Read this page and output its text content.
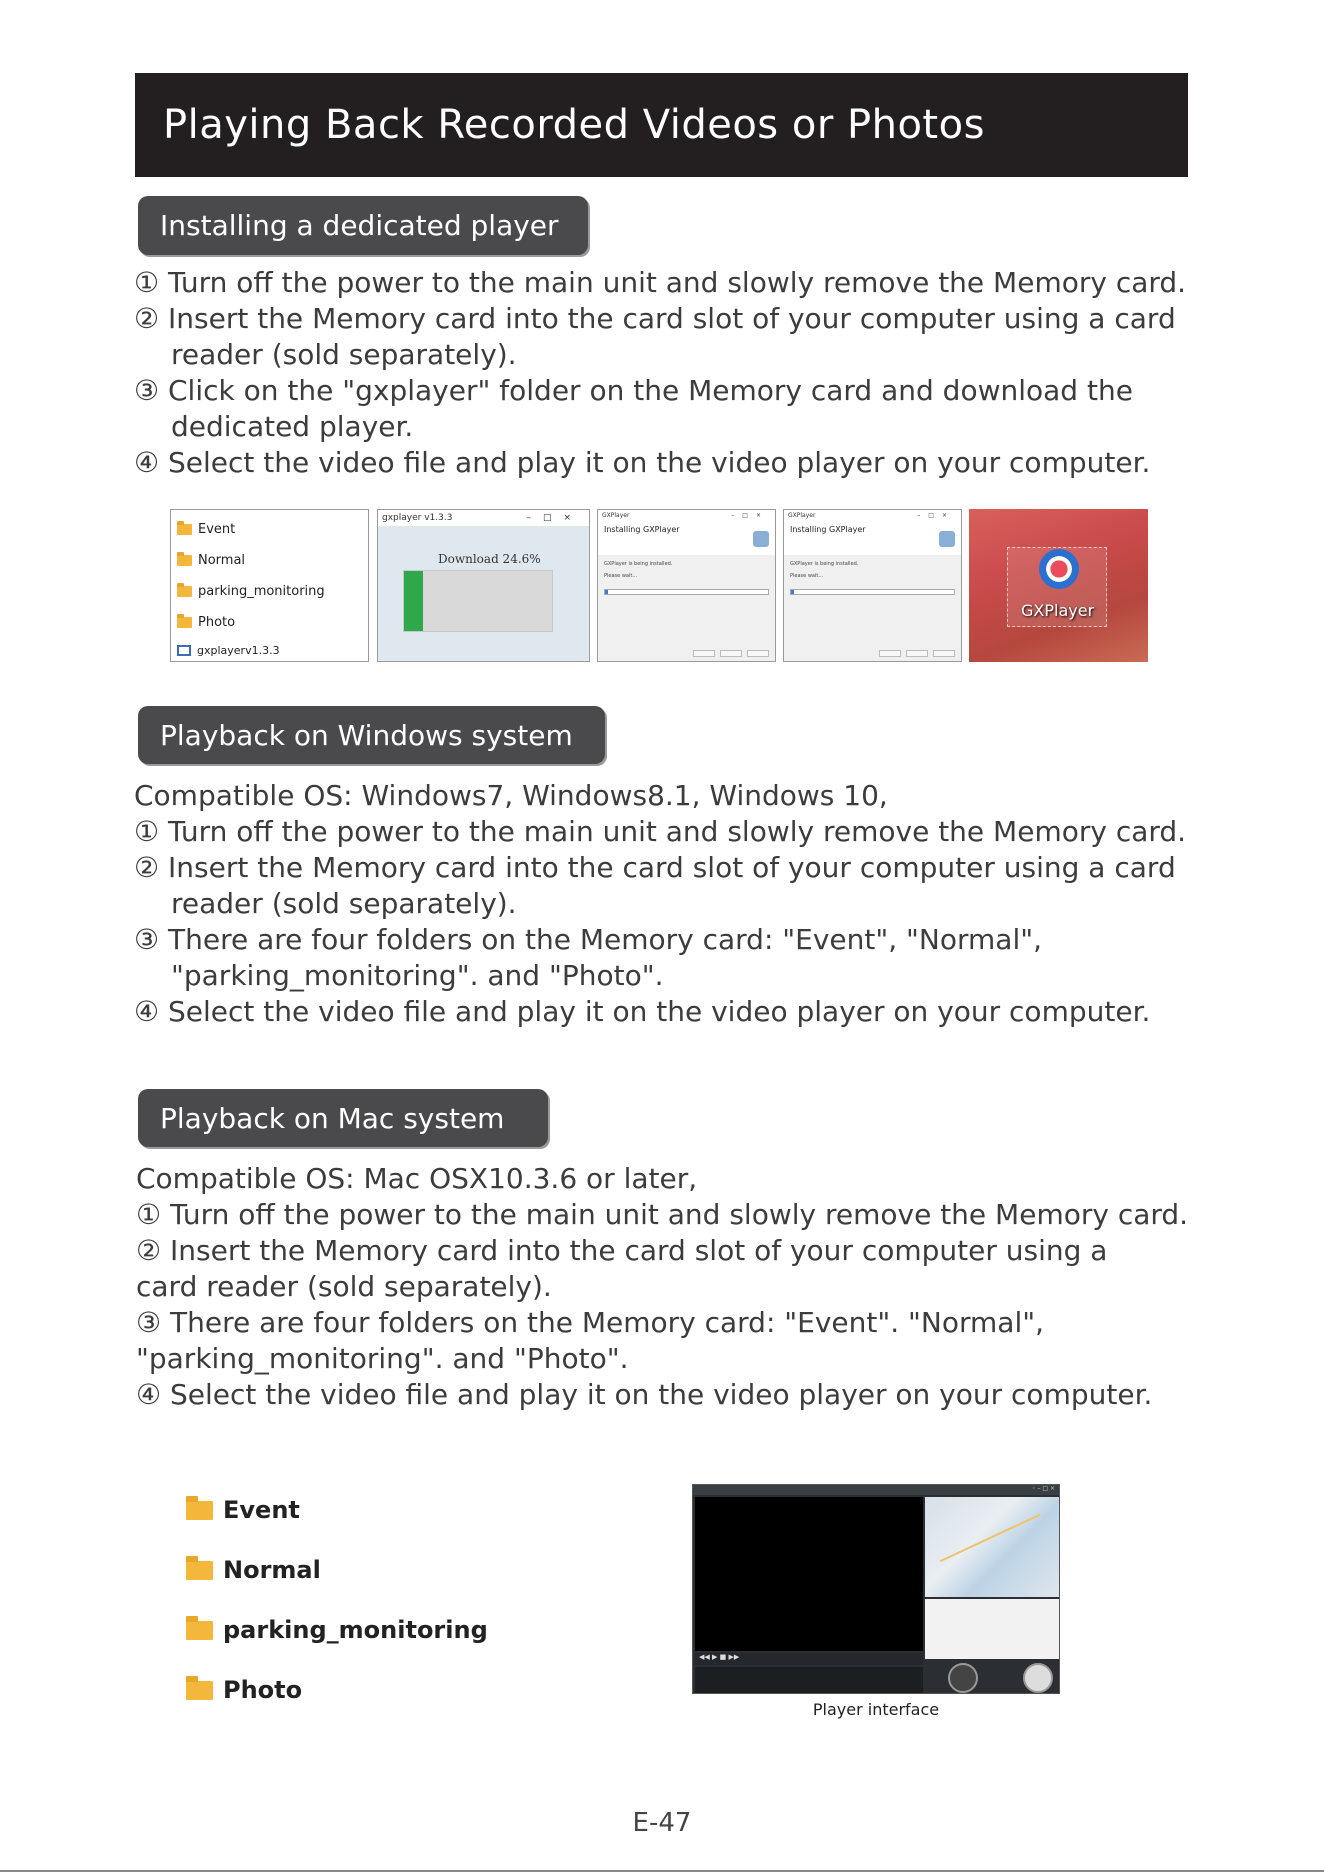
Playing Back Recorded Videos or Photos
Installing a dedicated player
① Turn off the power to the main unit and slowly remove the Memory card.
② Insert the Memory card into the card slot of your computer using a card
reader (sold separately).
③ Click on the "gxplayer" folder on the Memory card and download the
dedicated player.
④ Select the video file and play it on the video player on your computer.
Event
Normal
parking_monitoring
Photo
gxplayerv1.3.3
gxplayer v1.3.3	–□×
Download 24.6%
GXPlayer	–□×
Installing GXPlayer
GXPlayer is being installed.
Please wait...
GXPlayer	–□×
Installing GXPlayer
GXPlayer is being installed.
Please wait...
GXPlayer
Playback on Windows system
Compatible OS: Windows7, Windows8.1, Windows 10,
① Turn off the power to the main unit and slowly remove the Memory card.
② Insert the Memory card into the card slot of your computer using a card
reader (sold separately).
③ There are four folders on the Memory card: "Event", "Normal",
"parking_monitoring". and "Photo".
④ Select the video file and play it on the video player on your computer.
Playback on Mac system
Compatible OS: Mac OSX10.3.6 or later,
① Turn off the power to the main unit and slowly remove the Memory card.
② Insert the Memory card into the card slot of your computer using a
card reader (sold separately).
③ There are four folders on the Memory card: "Event". "Normal",
"parking_monitoring". and "Photo".
④ Select the video file and play it on the video player on your computer.
Event
Normal
parking_monitoring
Photo
◦ – □ ×
◀◀ ▶ ■ ▶▶
Player interface
E-47
